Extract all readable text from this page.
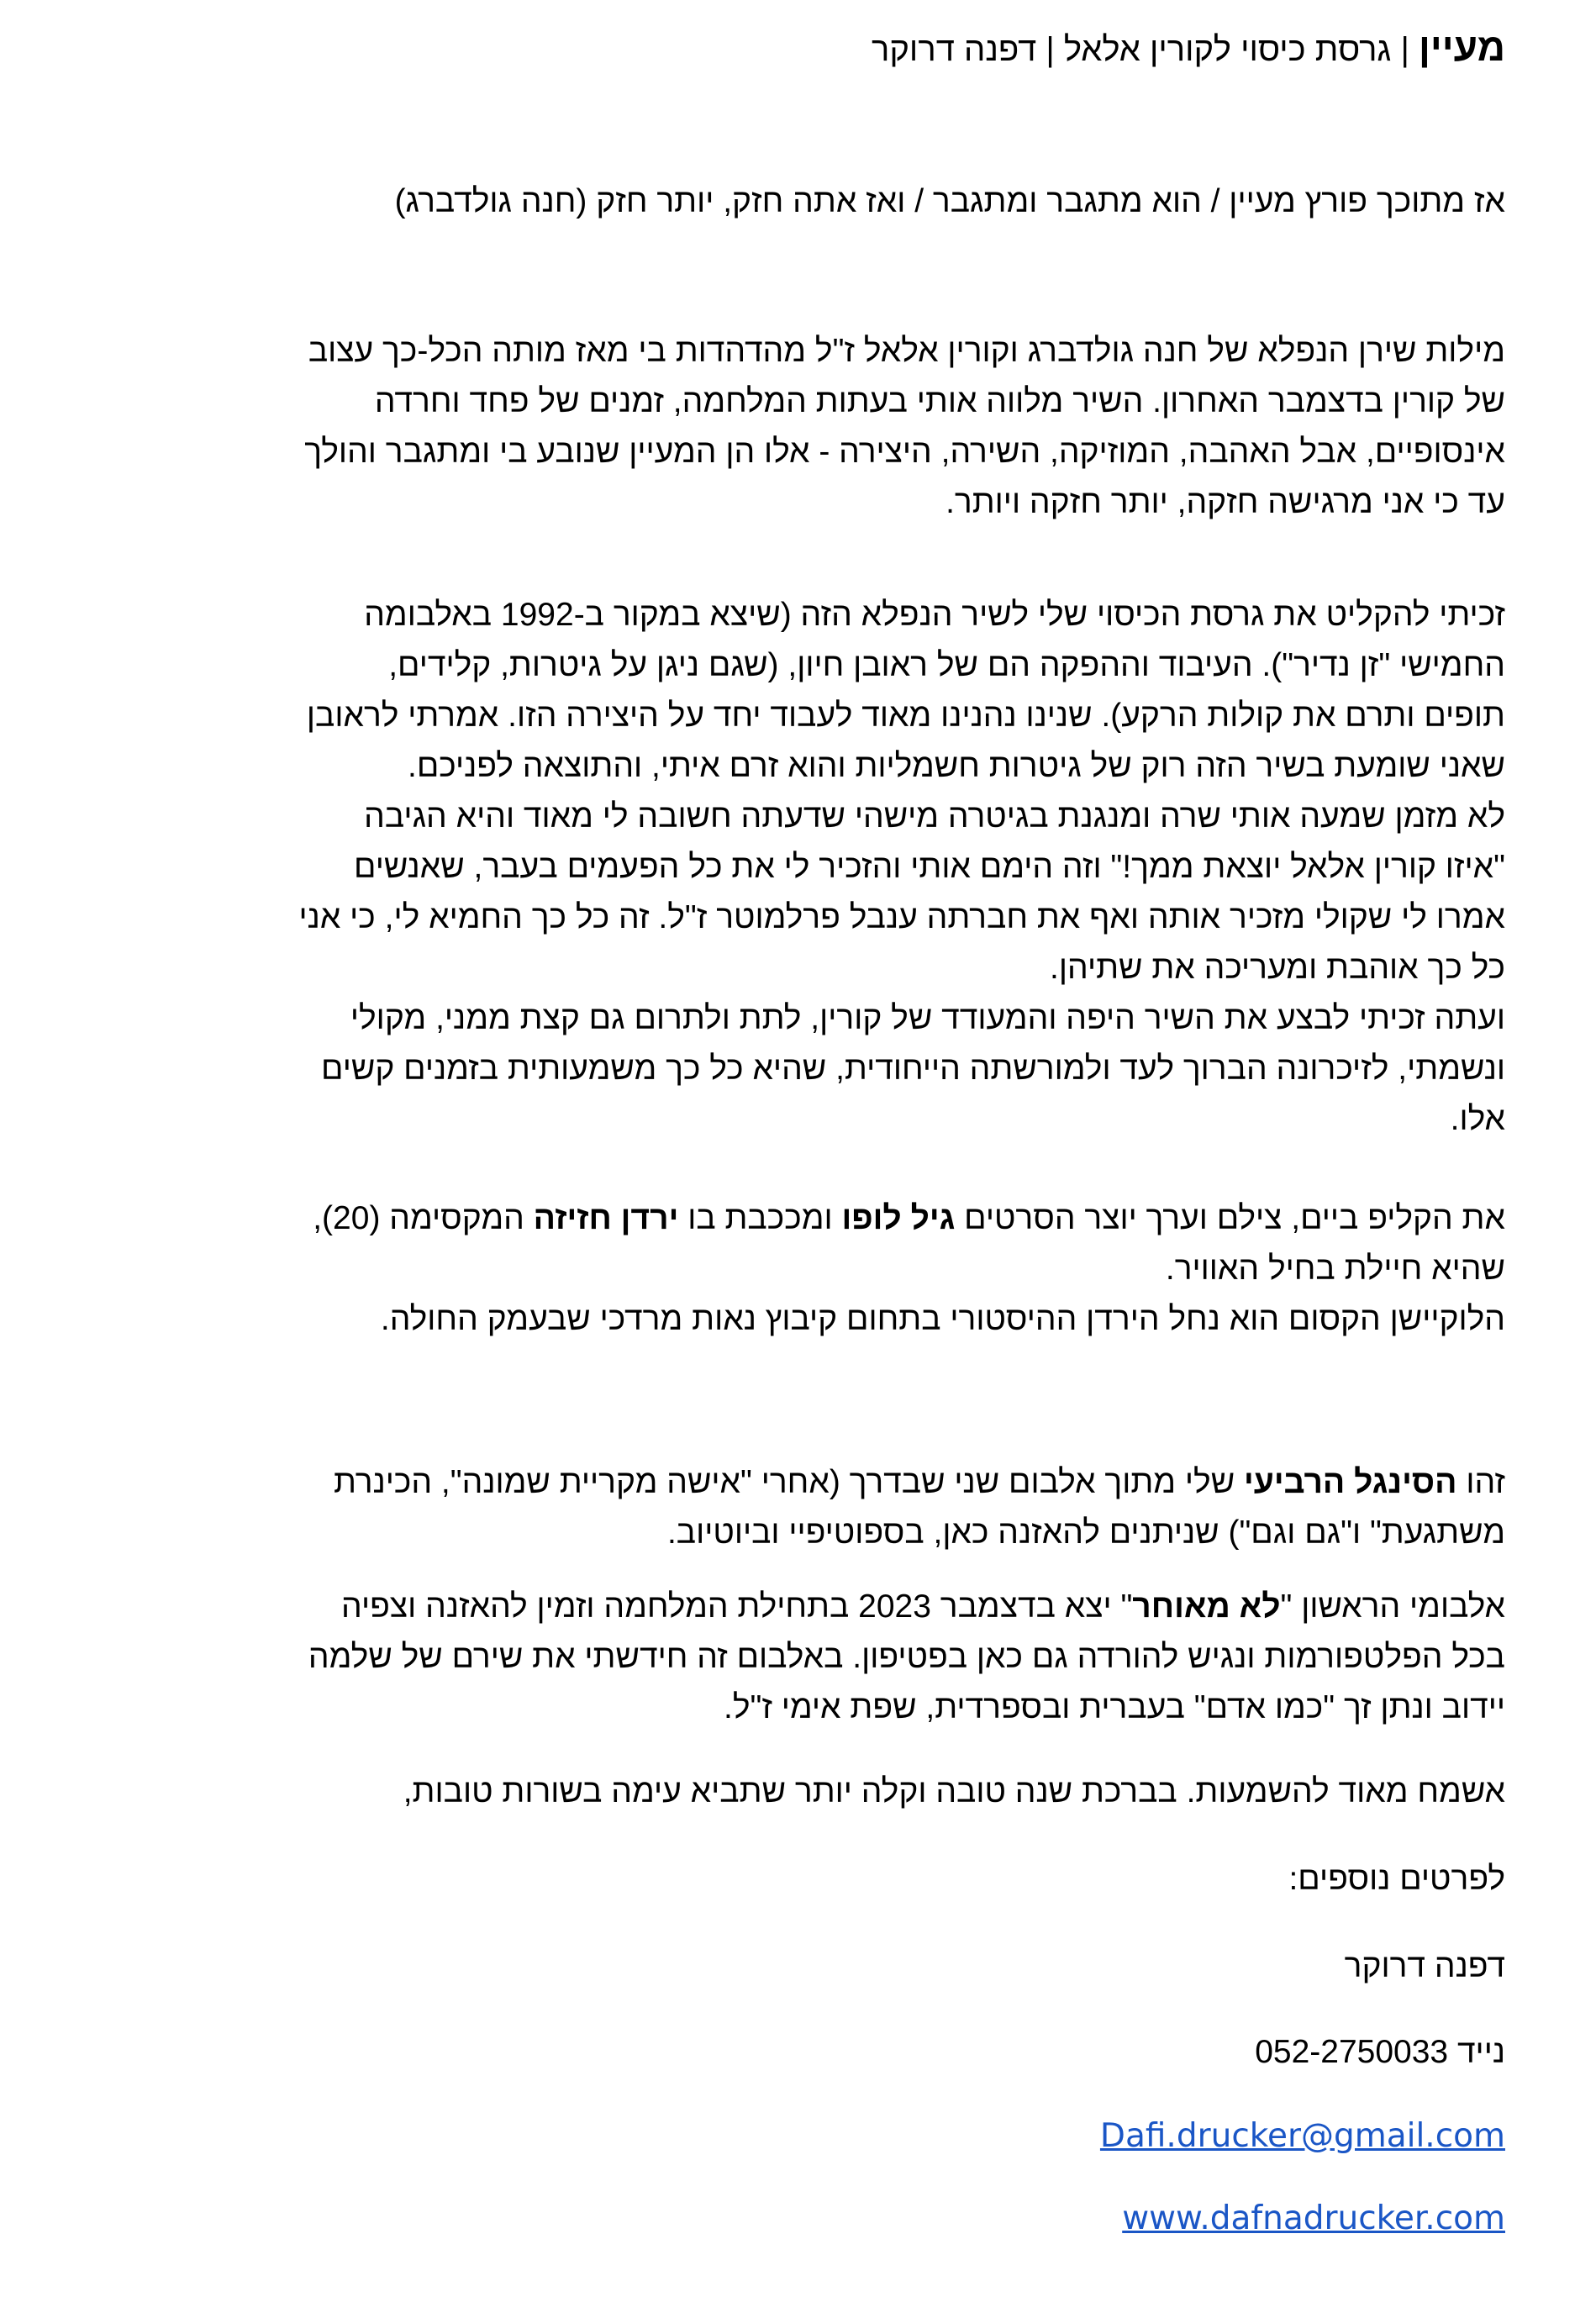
מעיין | גרסת כיסוי לקורין אלאל | דפנה דרוקר
אז מתוכך פורץ מעיין / הוא מתגבר ומתגבר / ואז אתה חזק, יותר חזק (חנה גולדברג)
מילות שירן הנפלא של חנה גולדברג וקורין אלאל ז"ל מהדהדות בי מאז מותה הכל-כך עצוב
של קורין בדצמבר האחרון. השיר מלווה אותי בעתות המלחמה, זמנים של פחד וחרדה
אינסופיים, אבל האהבה, המוזיקה, השירה, היצירה - אלו הן המעיין שנובע בי ומתגבר והולך
עד כי אני מרגישה חזקה, יותר חזקה ויותר.
זכיתי להקליט את גרסת הכיסוי שלי לשיר הנפלא הזה (שיצא במקור ב-1992 באלבומה
החמישי "זן נדיר"). העיבוד וההפקה הם של ראובן חיון, (שגם ניגן על גיטרות, קלידים,
תופים ותרם את קולות הרקע). שנינו נהנינו מאוד לעבוד יחד על היצירה הזו. אמרתי לראובן
שאני שומעת בשיר הזה רוק של גיטרות חשמליות והוא זרם איתי, והתוצאה לפניכם.
לא מזמן שמעה אותי שרה ומנגנת בגיטרה מישהי שדעתה חשובה לי מאוד והיא הגיבה
"איזו קורין אלאל יוצאת ממך!" וזה הימם אותי והזכיר לי את כל הפעמים בעבר, שאנשים
אמרו לי שקולי מזכיר אותה ואף את חברתה ענבל פרלמוטר ז"ל. זה כל כך החמיא לי, כי אני
כל כך אוהבת ומעריכה את שתיהן.
ועתה זכיתי לבצע את השיר היפה והמעודד של קורין, לתת ולתרום גם קצת ממני, מקולי
ונשמתי, לזיכרונה הברוך לעד ולמורשתה הייחודית, שהיא כל כך משמעותית בזמנים קשים
אלו.
את הקליפ ביים, צילם וערך יוצר הסרטים גיל לופו ומככבת בו ירדן חזיזה המקסימה (20),
שהיא חיילת בחיל האוויר.
הלוקיישן הקסום הוא נחל הירדן ההיסטורי בתחום קיבוץ נאות מרדכי שבעמק החולה.
זהו הסינגל הרביעי שלי מתוך אלבום שני שבדרך (אחרי "אישה מקריית שמונה", הכינרת
משתגעת" ו"גם וגם") שניתנים להאזנה כאן, בספוטיפיי וביוטיוב.
אלבומי הראשון "לא מאוחר" יצא בדצמבר 2023 בתחילת המלחמה וזמין להאזנה וצפיה
בכל הפלטפורמות ונגיש להורדה גם כאן בפטיפון. באלבום זה חידשתי את שירם של שלמה
יידוב ונתן זך "כמו אדם" בעברית ובספרדית, שפת אימי ז"ל.
אשמח מאוד להשמעות. בברכת שנה טובה וקלה יותר שתביא עימה בשורות טובות,
לפרטים נוספים:
דפנה דרוקר
נייד 052-2750033
Dafi.drucker@gmail.com
www.dafnadrucker.com
